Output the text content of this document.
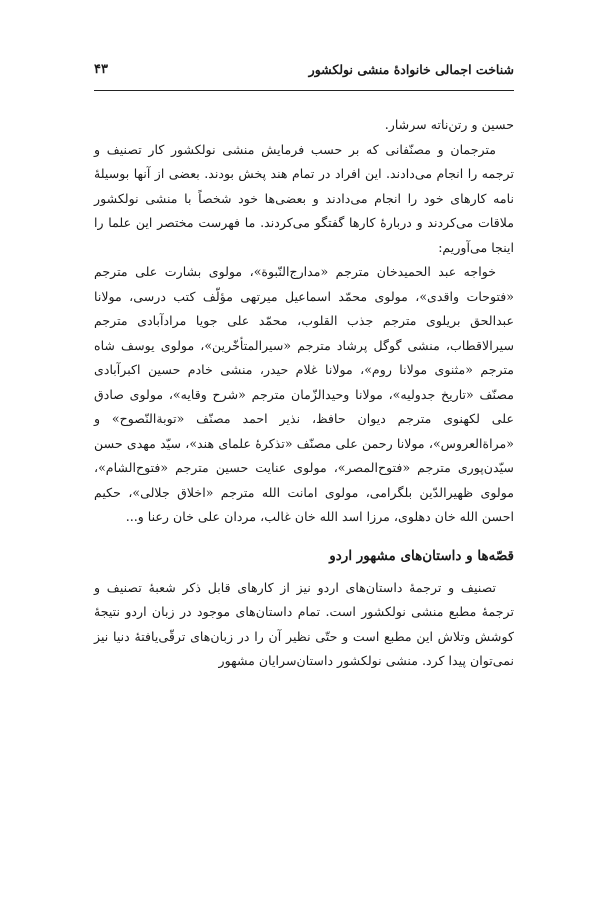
۴۳	شناخت اجمالی خانوادهٔ منشی نولکشور

حسین و رتن‌ناته سرشار.

مترجمان و مصنّفانی که بر حسب فرمایش منشی نولکشور کار تصنیف و ترجمه را انجام می‌دادند. این افراد در تمام هند پخش بودند. بعضی از آنها بوسیلهٔ نامه کارهای خود را انجام می‌دادند و بعضی‌ها خود شخصاً با منشی نولکشور ملاقات می‌کردند و دربارهٔ کارها گفتگو می‌کردند. ما فهرست مختصر این علما را اینجا می‌آوریم:

خواجه عبد الحمیدخان مترجم «مدارج‌النّبوة»، مولوی بشارت علی مترجم «فتوحات واقدی»، مولوی محمّد اسماعیل میرتهی مؤلّف کتب درسی، مولانا عبدالحق بریلوی مترجم جذب القلوب، محمّد علی جویا مرادآبادی مترجم سیرالاقطاب، منشی گوگل پرشاد مترجم «سیرالمتأخّرین»، مولوی یوسف شاه مترجم «مثنوی مولانا روم»، مولانا غلام حیدر، منشی خادم حسین اکبرآبادی مصنّف «تاریخ جدولیه»، مولانا وحیدالزّمان مترجم «شرح وقایه»، مولوی صادق علی لکهنوی مترجم دیوان حافظ، نذیر احمد مصنّف «توبةالنّصوح» و «مراةالعروس»، مولانا رحمن علی مصنّف «تذکرهٔ علمای هند»، سیّد مهدی حسن سیّدن‌پوری مترجم «فتوح‌المصر»، مولوی عنایت حسین مترجم «فتوح‌الشام»، مولوی ظهیرالدّین بلگرامی، مولوی امانت الله مترجم «اخلاق جلالی»، حکیم احسن الله خان دهلوی، مرزا اسد الله خان غالب، مردان علی خان رعنا و...

قصّه‌ها و داستان‌های مشهور اردو

تصنیف و ترجمهٔ داستان‌های اردو نیز از کارهای قابل ذکر شعبهٔ تصنیف و ترجمهٔ مطبع منشی نولکشور است. تمام داستان‌های موجود در زبان اردو نتیجهٔ کوشش وتلاش این مطبع است و حتّی نظیر آن را در زبان‌های ترقّی‌یافتهٔ دنیا نیز نمی‌توان پیدا کرد. منشی نولکشور داستان‌سرایان مشهور
